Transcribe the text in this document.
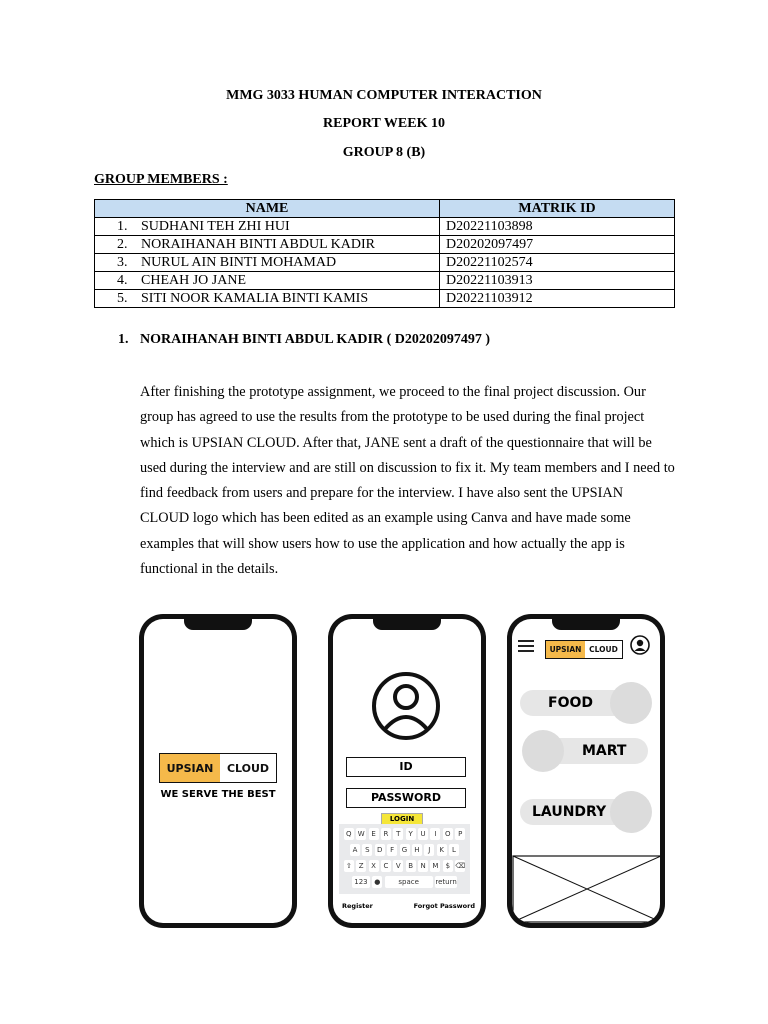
MMG 3033 HUMAN COMPUTER INTERACTION
REPORT WEEK 10
GROUP 8 (B)
GROUP MEMBERS :
NAME	MATRIK ID
1. SUDHANI TEH ZHI HUI	D20221103898
2. NORAIHANAH BINTI ABDUL KADIR	D20202097497
3. NURUL AIN BINTI MOHAMAD	D20221102574
4. CHEAH JO JANE	D20221103913
5. SITI NOOR KAMALIA BINTI KAMIS	D20221103912
1. NORAIHANAH BINTI ABDUL KADIR ( D20202097497 )
After finishing the prototype assignment, we proceed to the final project discussion. Our group has agreed to use the results from the prototype to be used during the final project which is UPSIAN CLOUD. After that, JANE sent a draft of the questionnaire that will be used during the interview and are still on discussion to fix it. My team members and I need to find feedback from users and prepare for the interview. I have also sent the UPSIAN CLOUD logo which has been edited as an example using Canva and have made some examples that will show users how to use the application and how actually the app is functional in the details.
UPSIAN	CLOUD
WE SERVE THE BEST
ID
PASSWORD
LOGIN
Q W E	R	T	Y	U	I	O	P
A	S	D	F	G	H	J	K	L
⇧	Z	X	C	V	B	N M	$ ⌫
123 ●	space	return
Register	Forgot Password
UPSIAN	CLOUD
FOOD
MART
LAUNDRY
